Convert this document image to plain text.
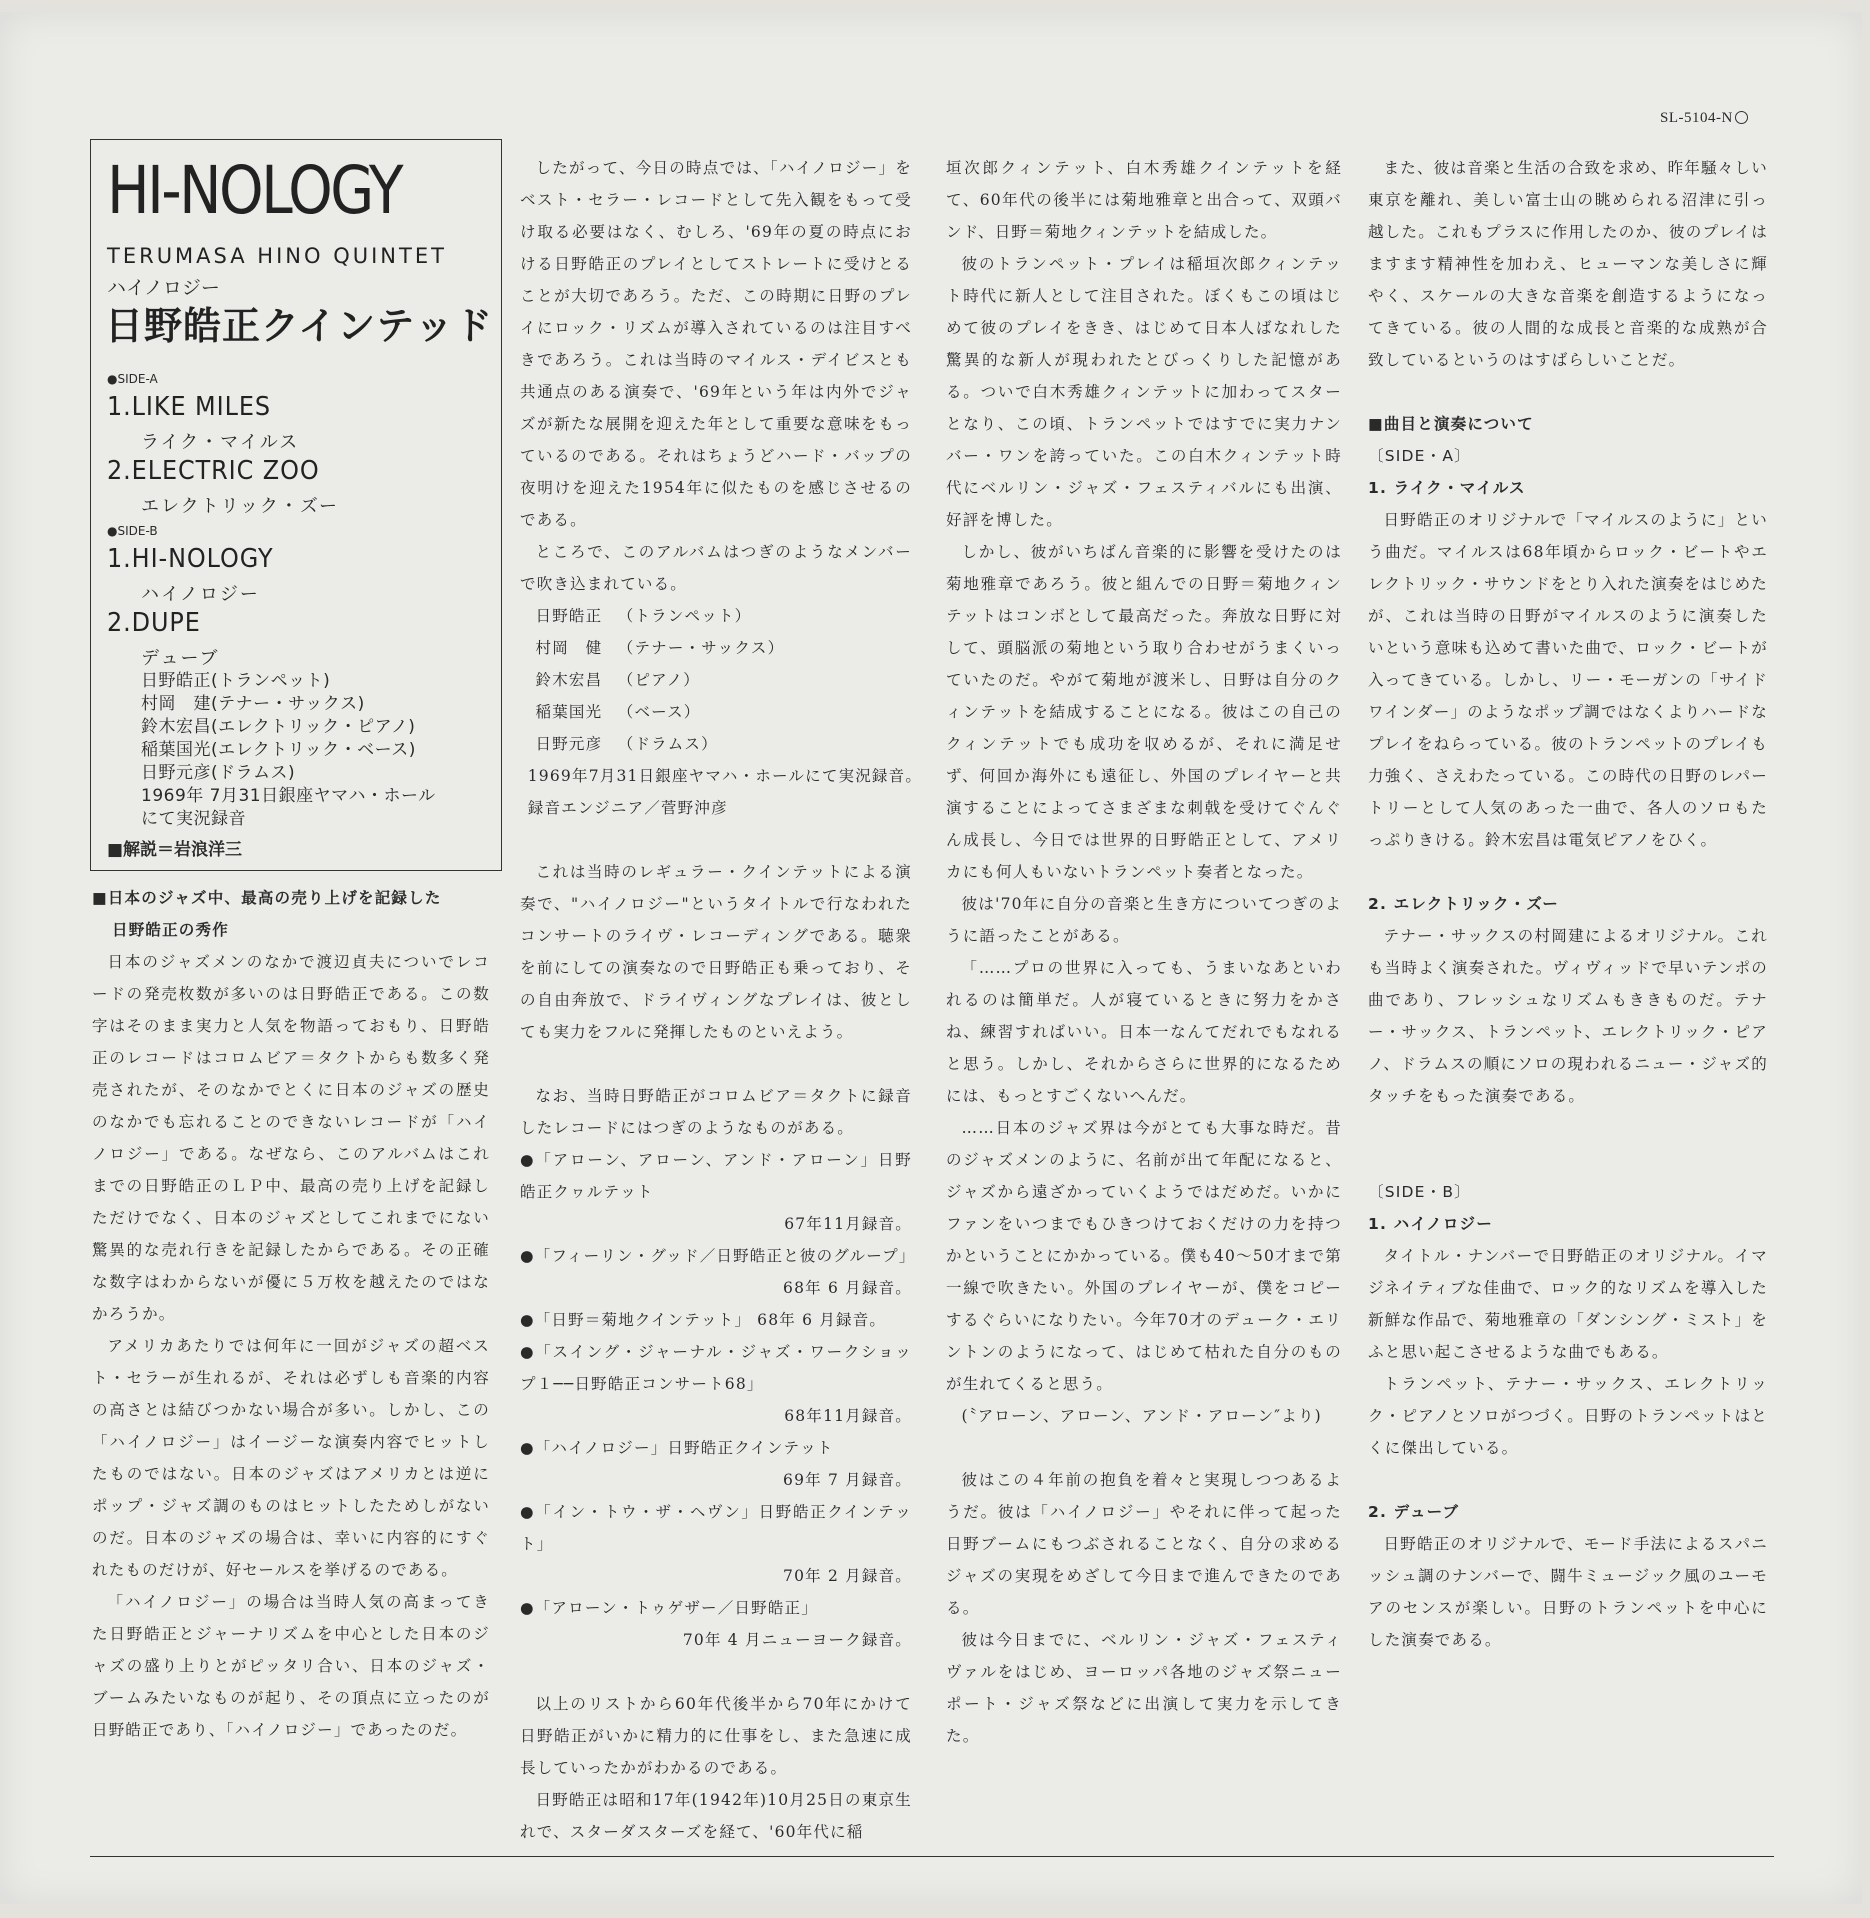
SL-5104-N
HI-NOLOGY
TERUMASA HINO QUINTET
ハイノロジー
日野皓正クインテッド
●SIDE-A
1.LIKE MILES
ライク・マイルス
2.ELECTRIC ZOO
エレクトリック・ズー
●SIDE-B
1.HI-NOLOGY
ハイノロジー
2.DUPE
デューブ
日野皓正(トランペット)
村岡　建(テナー・サックス)
鈴木宏昌(エレクトリック・ピアノ)
稲葉国光(エレクトリック・ベース)
日野元彦(ドラムス)
1969年 7月31日銀座ヤマハ・ホール
にて実況録音
■解説＝岩浪洋三

■日本のジャズ中、最高の売り上げを記録した

日野皓正の秀作

日本のジャズメンのなかで渡辺貞夫についでレコードの発売枚数が多いのは日野皓正である。この数字はそのまま実力と人気を物語っておもり、日野皓正のレコードはコロムビア＝タクトからも数多く発売されたが、そのなかでとくに日本のジャズの歴史のなかでも忘れることのできないレコードが「ハイノロジー」である。なぜなら、このアルバムはこれまでの日野皓正のＬＰ中、最高の売り上げを記録しただけでなく、日本のジャズとしてこれまでにない驚異的な売れ行きを記録したからである。その正確な数字はわからないが優に５万枚を越えたのではなかろうか。

アメリカあたりでは何年に一回がジャズの超ベスト・セラーが生れるが、それは必ずしも音楽的内容の高さとは結びつかない場合が多い。しかし、この「ハイノロジー」はイージーな演奏内容でヒットしたものではない。日本のジャズはアメリカとは逆にポップ・ジャズ調のものはヒットしたためしがないのだ。日本のジャズの場合は、幸いに内容的にすぐれたものだけが、好セールスを挙げるのである。

「ハイノロジー」の場合は当時人気の高まってきた日野皓正とジャーナリズムを中心とした日本のジャズの盛り上りとがピッタリ合い、日本のジャズ・ブームみたいなものが起り、その頂点に立ったのが日野皓正であり、「ハイノロジー」であったのだ。

したがって、今日の時点では、「ハイノロジー」をベスト・セラー・レコードとして先入観をもって受け取る必要はなく、むしろ、'69年の夏の時点における日野皓正のプレイとしてストレートに受けとることが大切であろう。ただ、この時期に日野のプレイにロック・リズムが導入されているのは注目すべきであろう。これは当時のマイルス・デイビスとも共通点のある演奏で、'69年という年は内外でジャズが新たな展開を迎えた年として重要な意味をもっているのである。それはちょうどハード・バップの夜明けを迎えた1954年に似たものを感じさせるのである。

ところで、このアルバムはつぎのようなメンバーで吹き込まれている。

日野皓正 （トランペット）
村岡　健 （テナー・サックス）
鈴木宏昌 （ピアノ）
稲葉国光 （ベース）
日野元彦 （ドラムス）

1969年7月31日銀座ヤマハ・ホールにて実況録音。

録音エンジニア／菅野沖彦

これは当時のレギュラー・クインテットによる演奏で、"ハイノロジー"というタイトルで行なわれたコンサートのライヴ・レコーディングである。聴衆を前にしての演奏なので日野皓正も乗っており、その自由奔放で、ドライヴィングなプレイは、彼としても実力をフルに発揮したものといえよう。

なお、当時日野皓正がコロムビア＝タクトに録音したレコードにはつぎのようなものがある。

●「アローン、アローン、アンド・アローン」日野皓正クヮルテット

67年11月録音。

●「フィーリン・グッド／日野皓正と彼のグループ」

68年 6 月録音。

●「日野＝菊地クインテット」 68年 6 月録音。

●「スイング・ジャーナル・ジャズ・ワークショップ１──日野皓正コンサート68」

68年11月録音。

●「ハイノロジー」日野皓正クインテット

69年 7 月録音。

●「イン・トウ・ザ・ヘヴン」日野皓正クインテット」

70年 2 月録音。

●「アローン・トゥゲザー／日野皓正」

70年 4 月ニューヨーク録音。

以上のリストから60年代後半から70年にかけて日野皓正がいかに精力的に仕事をし、また急速に成長していったかがわかるのである。

日野皓正は昭和17年(1942年)10月25日の東京生れで、スターダスターズを経て、'60年代に稲

垣次郎クィンテット、白木秀雄クインテットを経て、60年代の後半には菊地雅章と出合って、双頭バンド、日野＝菊地クィンテットを結成した。

彼のトランペット・プレイは稲垣次郎クィンテット時代に新人として注目された。ぼくもこの頃はじめて彼のプレイをきき、はじめて日本人ばなれした驚異的な新人が現われたとびっくりした記憶がある。ついで白木秀雄クィンテットに加わってスターとなり、この頃、トランペットではすでに実力ナンバー・ワンを誇っていた。この白木クィンテット時代にベルリン・ジャズ・フェスティバルにも出演、好評を博した。

しかし、彼がいちばん音楽的に影響を受けたのは菊地雅章であろう。彼と組んでの日野＝菊地クィンテットはコンボとして最高だった。奔放な日野に対して、頭脳派の菊地という取り合わせがうまくいっていたのだ。やがて菊地が渡米し、日野は自分のクィンテットを結成することになる。彼はこの自己のクィンテットでも成功を収めるが、それに満足せず、何回か海外にも遠征し、外国のプレイヤーと共演することによってさまざまな刺戟を受けてぐんぐん成長し、今日では世界的日野皓正として、アメリカにも何人もいないトランペット奏者となった。

彼は'70年に自分の音楽と生き方についてつぎのように語ったことがある。

「……プロの世界に入っても、うまいなあといわれるのは簡単だ。人が寝ているときに努力をかさね、練習すればいい。日本一なんてだれでもなれると思う。しかし、それからさらに世界的になるためには、もっとすごくないへんだ。

……日本のジャズ界は今がとても大事な時だ。昔のジャズメンのように、名前が出て年配になると、ジャズから遠ざかっていくようではだめだ。いかにファンをいつまでもひきつけておくだけの力を持つかということにかかっている。僕も40～50才まで第一線で吹きたい。外国のプレイヤーが、僕をコピーするぐらいになりたい。今年70才のデューク・エリントンのようになって、はじめて枯れた自分のものが生れてくると思う。

(〝アローン、アローン、アンド・アローン″より)

彼はこの４年前の抱負を着々と実現しつつあるようだ。彼は「ハイノロジー」やそれに伴って起った日野ブームにもつぶされることなく、自分の求めるジャズの実現をめざして今日まで進んできたのである。

彼は今日までに、ベルリン・ジャズ・フェスティヴァルをはじめ、ヨーロッパ各地のジャズ祭ニューポート・ジャズ祭などに出演して実力を示してきた。

また、彼は音楽と生活の合致を求め、昨年騒々しい東京を離れ、美しい富士山の眺められる沼津に引っ越した。これもプラスに作用したのか、彼のプレイはますます精神性を加わえ、ヒューマンな美しさに輝やく、スケールの大きな音楽を創造するようになってきている。彼の人間的な成長と音楽的な成熟が合致しているというのはすばらしいことだ。

■曲目と演奏について

〔SIDE・A〕

1. ライク・マイルス

日野皓正のオリジナルで「マイルスのように」という曲だ。マイルスは68年頃からロック・ビートやエレクトリック・サウンドをとり入れた演奏をはじめたが、これは当時の日野がマイルスのように演奏したいという意味も込めて書いた曲で、ロック・ビートが入ってきている。しかし、リー・モーガンの「サイドワインダー」のようなポップ調ではなくよりハードなプレイをねらっている。彼のトランペットのプレイも力強く、さえわたっている。この時代の日野のレパートリーとして人気のあった一曲で、各人のソロもたっぷりきける。鈴木宏昌は電気ピアノをひく。

2. エレクトリック・ズー

テナー・サックスの村岡建によるオリジナル。これも当時よく演奏された。ヴィヴィッドで早いテンポの曲であり、フレッシュなリズムもききものだ。テナー・サックス、トランペット、エレクトリック・ピアノ、ドラムスの順にソロの現われるニュー・ジャズ的タッチをもった演奏である。

〔SIDE・B〕

1. ハイノロジー

タイトル・ナンバーで日野皓正のオリジナル。イマジネイティブな佳曲で、ロック的なリズムを導入した新鮮な作品で、菊地雅章の「ダンシング・ミスト」をふと思い起こさせるような曲でもある。

トランペット、テナー・サックス、エレクトリック・ピアノとソロがつづく。日野のトランペットはとくに傑出している。

2. デューブ

日野皓正のオリジナルで、モード手法によるスパニッシュ調のナンバーで、闘牛ミュージック風のユーモアのセンスが楽しい。日野のトランペットを中心にした演奏である。
